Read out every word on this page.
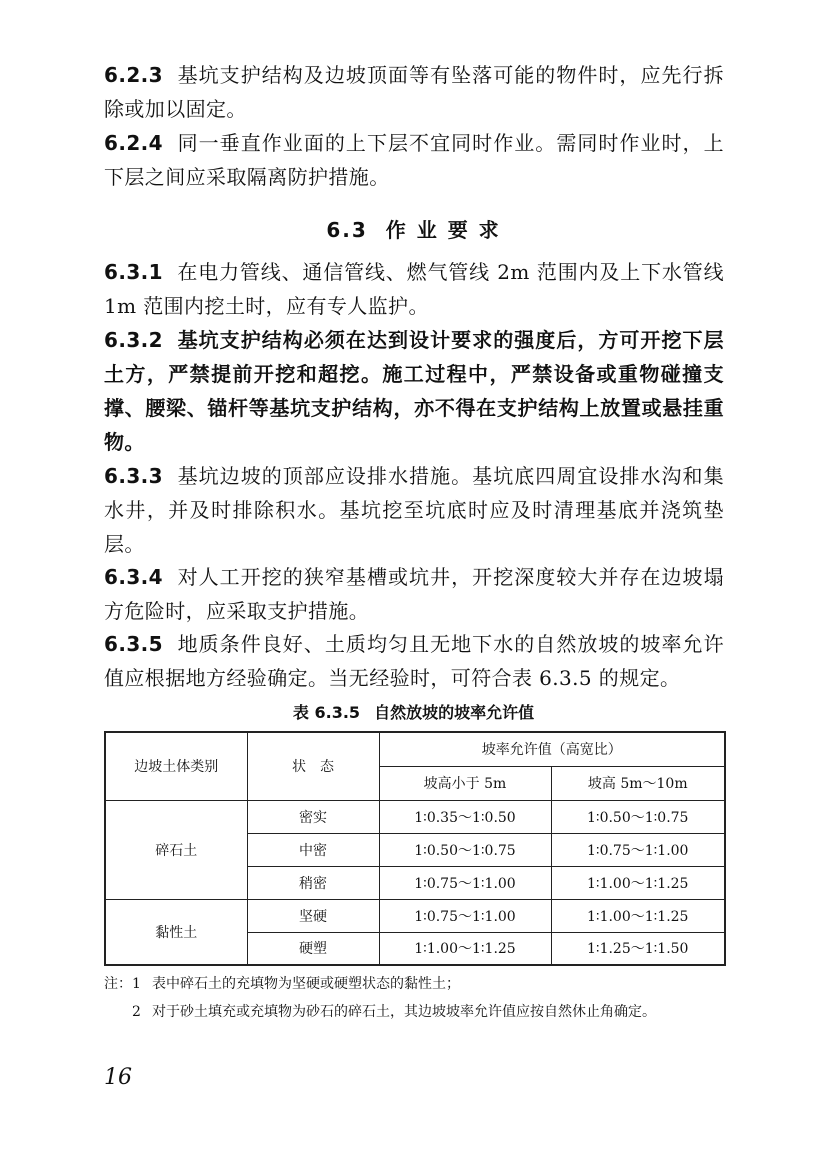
6.2.3 基坑支护结构及边坡顶面等有坠落可能的物件时，应先行拆除或加以固定。
6.2.4 同一垂直作业面的上下层不宜同时作业。需同时作业时，上下层之间应采取隔离防护措施。
6.3 作 业 要 求
6.3.1 在电力管线、通信管线、燃气管线 2m 范围内及上下水管线 1m 范围内挖土时，应有专人监护。
6.3.2 基坑支护结构必须在达到设计要求的强度后，方可开挖下层土方，严禁提前开挖和超挖。施工过程中，严禁设备或重物碰撞支撑、腰梁、锚杆等基坑支护结构，亦不得在支护结构上放置或悬挂重物。
6.3.3 基坑边坡的顶部应设排水措施。基坑底四周宜设排水沟和集水井，并及时排除积水。基坑挖至坑底时应及时清理基底并浇筑垫层。
6.3.4 对人工开挖的狭窄基槽或坑井，开挖深度较大并存在边坡塌方危险时，应采取支护措施。
6.3.5 地质条件良好、土质均匀且无地下水的自然放坡的坡率允许值应根据地方经验确定。当无经验时，可符合表 6.3.5 的规定。
表 6.3.5 自然放坡的坡率允许值
边坡土体类别	状　态	坡率允许值（高宽比）	
		坡高小于 5m	坡高 5m～10m
碎石土	密实	1∶0.35～1∶0.50	1∶0.50～1∶0.75
	中密	1∶0.50～1∶0.75	1∶0.75～1∶1.00
	稍密	1∶0.75～1∶1.00	1∶1.00～1∶1.25
黏性土	坚硬	1∶0.75～1∶1.00	1∶1.00～1∶1.25
	硬塑	1∶1.00～1∶1.25	1∶1.25～1∶1.50
注： 1 表中碎石土的充填物为坚硬或硬塑状态的黏性土；
2 对于砂土填充或充填物为砂石的碎石土，其边坡坡率允许值应按自然休止角确定。
16
